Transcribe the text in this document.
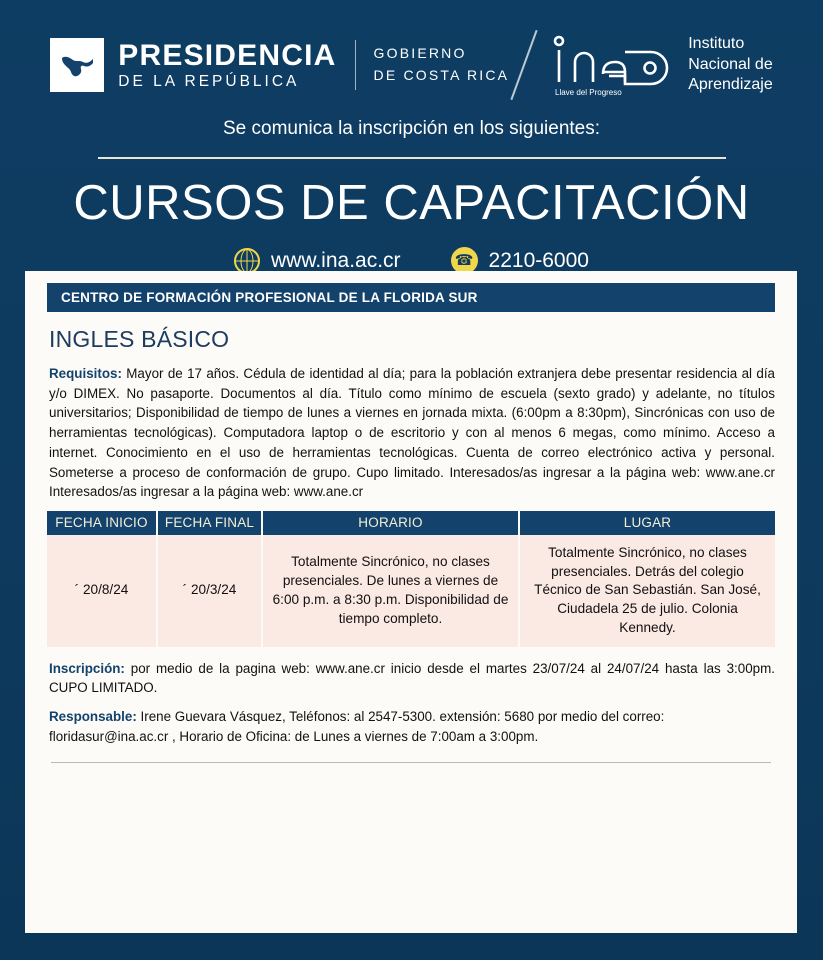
PRESIDENCIA
DE LA REPÚBLICA
GOBIERNO
DE COSTA RICA
Llave del Progreso
Instituto
Nacional de
Aprendizaje
Se comunica la inscripción en los siguientes:
CURSOS DE CAPACITACIÓN
www.ina.ac.cr	☎ 2210-6000
CENTRO DE FORMACIÓN PROFESIONAL DE LA FLORIDA SUR
INGLES BÁSICO

Requisitos: Mayor de 17 años. Cédula de identidad al día; para la población extranjera debe presentar residencia al día y/o DIMEX. No pasaporte. Documentos al día. Título como mínimo de escuela (sexto grado) y adelante, no títulos universitarios; Disponibilidad de tiempo de lunes a viernes en jornada mixta. (6:00pm a 8:30pm), Sincrónicas con uso de herramientas tecnológicas). Computadora laptop o de escritorio y con al menos 6 megas, como mínimo. Acceso a internet. Conocimiento en el uso de herramientas tecnológicas. Cuenta de correo electrónico activa y personal. Someterse a proceso de conformación de grupo. Cupo limitado. Interesados/as ingresar a la página web: www.ane.cr Interesados/as ingresar a la página web: www.ane.cr

FECHA INICIO	FECHA FINAL	HORARIO	LUGAR
´ 20/8/24	´ 20/3/24	Totalmente Sincrónico, no clases presenciales. De lunes a viernes de 6:00 p.m. a 8:30 p.m. Disponibilidad de tiempo completo.	Totalmente Sincrónico, no clases presenciales. Detrás del colegio Técnico de San Sebastián. San José, Ciudadela 25 de julio. Colonia Kennedy.

Inscripción: por medio de la pagina web: www.ane.cr inicio desde el martes 23/07/24 al 24/07/24 hasta las 3:00pm. CUPO LIMITADO.

Responsable: Irene Guevara Vásquez, Teléfonos: al 2547-5300. extensión: 5680 por medio del correo: floridasur@ina.ac.cr , Horario de Oficina: de Lunes a viernes de 7:00am a 3:00pm.
